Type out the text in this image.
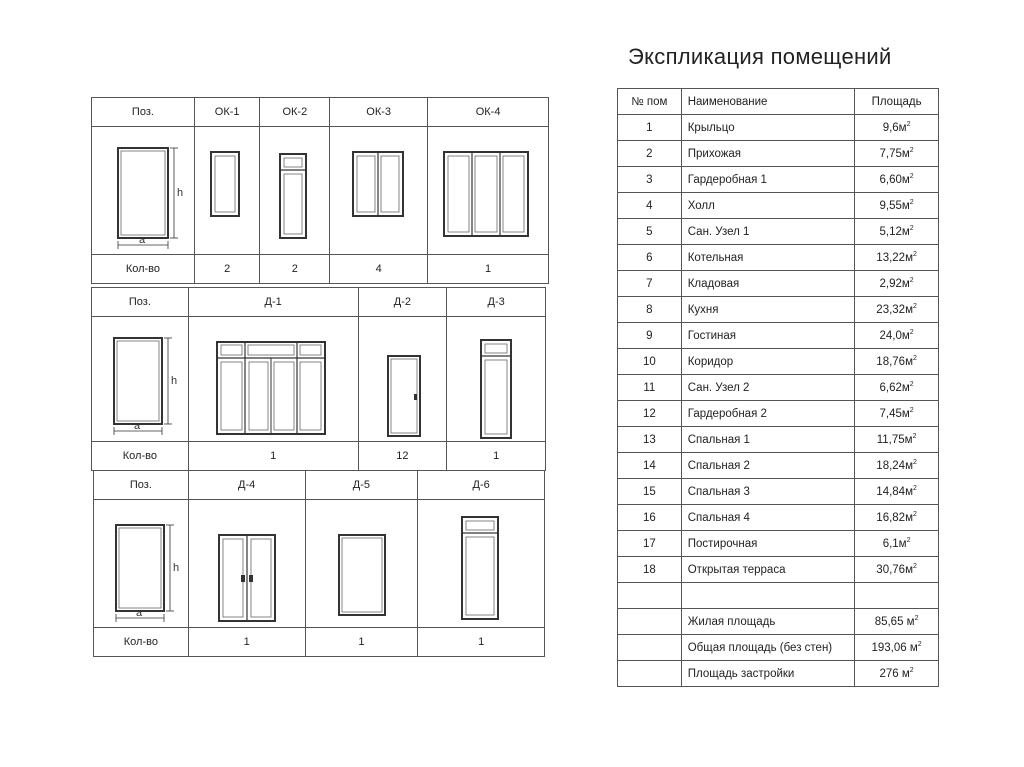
Экспликация помещений
Поз.	ОК-1	ОК-2	ОК-3	ОК-4

h
a

Кол-во	2	2	4	1
Поз.	Д-1	Д-2	Д-3

h
a

Кол-во	1	12	1
Поз.	Д-4	Д-5	Д-6

h
a

Кол-во	1	1	1
№ пом	Наименование	Площадь
1	Крыльцо	$9,6м^2$
2	Прихожая	$7,75м^2$
3	Гардеробная 1	$6,60м^2$
4	Холл	$9,55м^2$
5	Сан. Узел 1	$5,12м^2$
6	Котельная	$13,22м^2$
7	Кладовая	$2,92м^2$
8	Кухня	$23,32м^2$
9	Гостиная	$24,0м^2$
10	Коридор	$18,76м^2$
11	Сан. Узел 2	$6,62м^2$
12	Гардеробная 2	$7,45м^2$
13	Спальная 1	$11,75м^2$
14	Спальная 2	$18,24м^2$
15	Спальная 3	$14,84м^2$
16	Спальная 4	$16,82м^2$
17	Постирочная	$6,1м^2$
18	Открытая терраса	$30,76м^2$

	Жилая площадь	85,65 $м^2$
	Общая площадь (без стен)	193,06 $м^2$
	Площадь застройки	276 $м^2$
